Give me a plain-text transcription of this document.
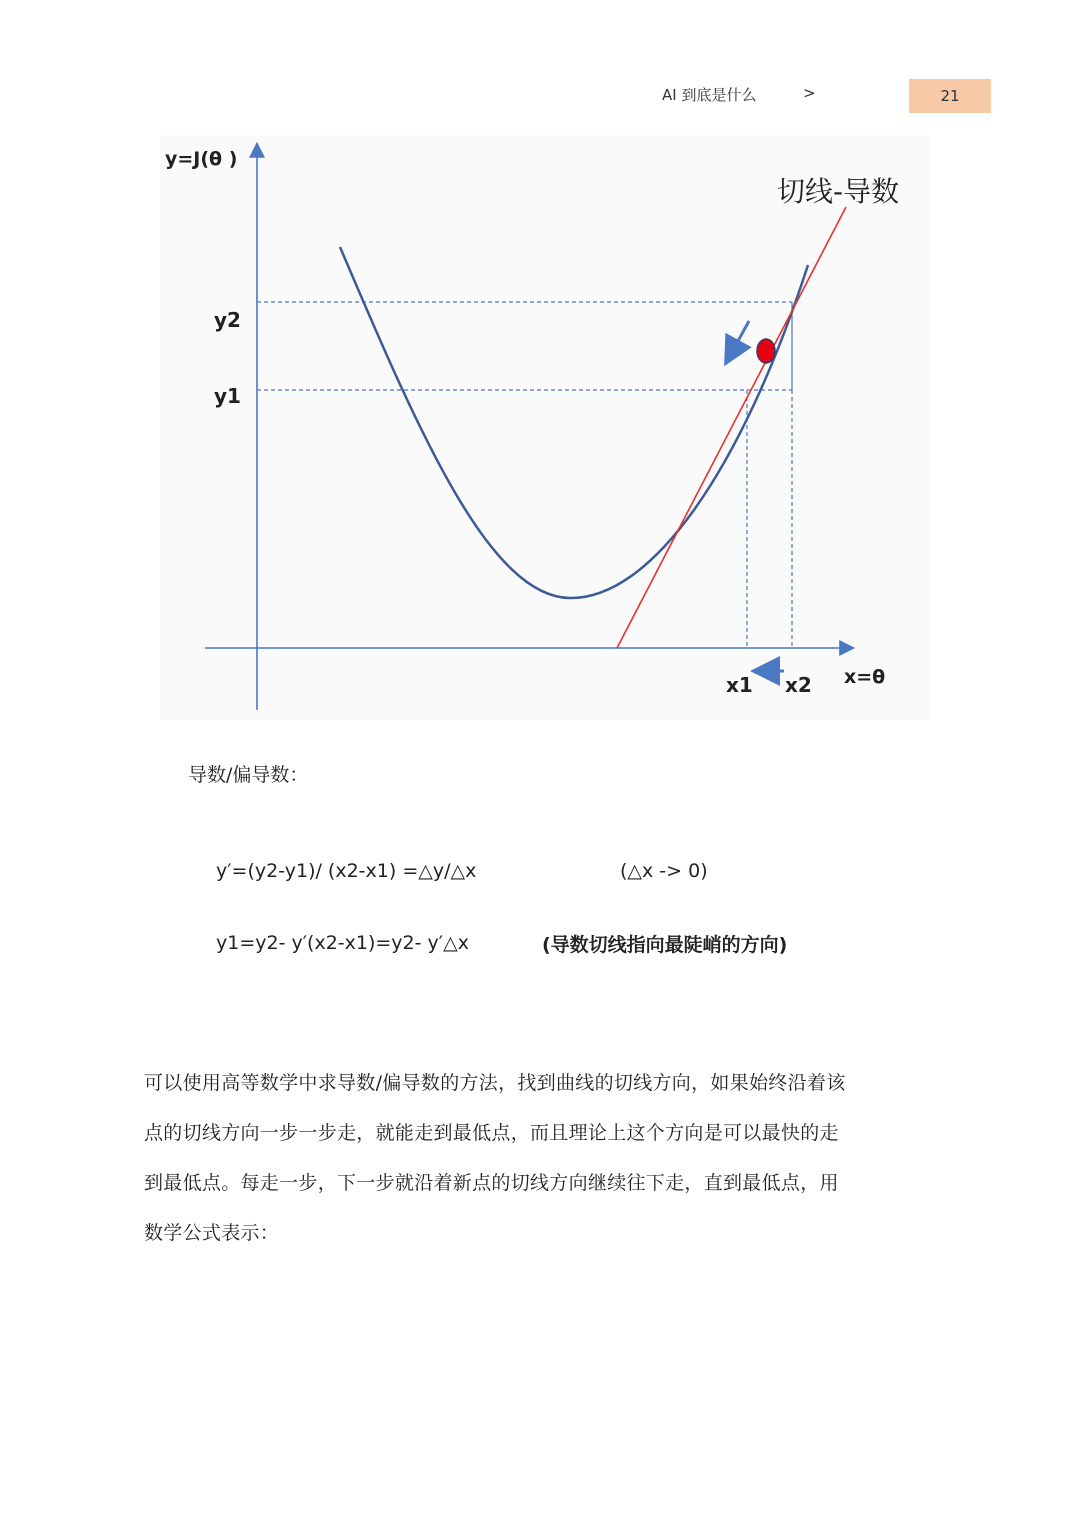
AI 到底是什么	>	21
y=J(θ )
切线-导数
y2
y1
x1 x2 x=θ
导数/偏导数：
y′=(y2-y1)/ (x2-x1) =△y/△x	(△x -> 0)
y1=y2- y′(x2-x1)=y2- y′△x	(导数切线指向最陡峭的方向)

可以使用高等数学中求导数/偏导数的方法，找到曲线的切线方向，如果始终沿着该

点的切线方向一步一步走，就能走到最低点，而且理论上这个方向是可以最快的走

到最低点。每走一步，下一步就沿着新点的切线方向继续往下走，直到最低点，用

数学公式表示：
